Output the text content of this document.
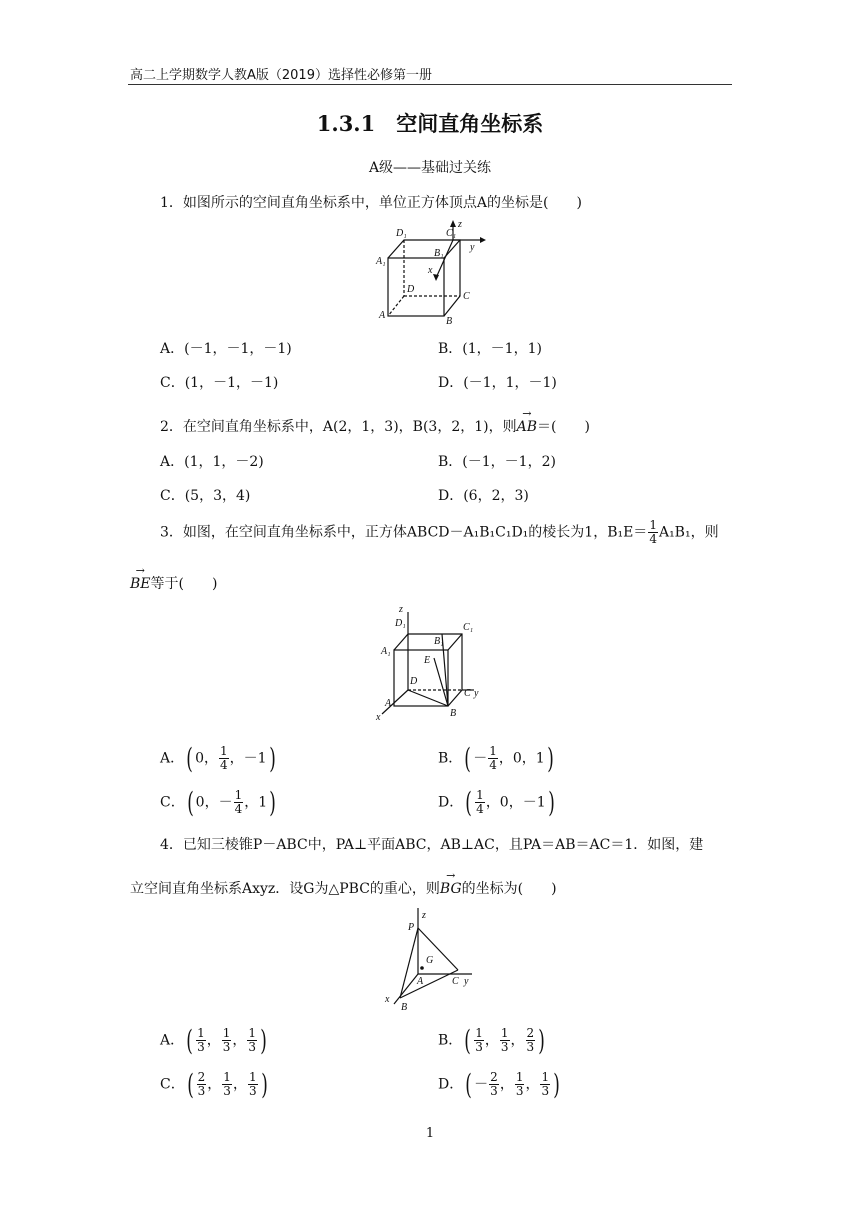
高二上学期数学人教A版（2019）选择性必修第一册
1.3.1　空间直角坐标系
A级——基础过关练
1．如图所示的空间直角坐标系中，单位正方体顶点A的坐标是(　　)
D₁	C₁
B₁
A₁
D
C
A
B
x
y
z
A．(－1，－1，－1)	B．(1，－1，1)
C．(1，－1，－1)	D．(－1，1，－1)
2．在空间直角坐标系中，A(2，1，3)，B(3，2，1)，则→ AB＝(　　)
A．(1，1，－2)	B．(－1，－1，2)
C．(5，3，4)	D．(6，2，3)
3．如图，在空间直角坐标系中，正方体ABCD－A₁B₁C₁D₁的棱长为1，$B_1E= \frac{1}{4} A_1B_1$，则
→ BE等于(　　)
z
D₁	C₁
B₁
A₁
E
D
C y
A
B
x
A．( 0， $\frac{1}{4}$ ，－1)	B．( － $\frac{1}{4}$ ，0，1)
C．( 0，－ $\frac{1}{4}$ ，1)	D．( $\frac{1}{4}$ ，0，－1)
4．已知三棱锥P－ABC中，PA⊥平面ABC，AB⊥AC，且PA＝AB＝AC＝1．如图，建
立空间直角坐标系Axyz．设G为△PBC的重心，则→ BG的坐标为(　　)
z
P
G
A	C y
x
B
A．( $\frac{1}{3}$ ， $\frac{1}{3}$ ， $\frac{1}{3}$ )	B．( $\frac{1}{3}$ ， $\frac{1}{3}$ ， $\frac{2}{3}$ )
C．( $\frac{2}{3}$ ， $\frac{1}{3}$ ， $\frac{1}{3}$ )	D．( － $\frac{2}{3}$ ， $\frac{1}{3}$ ， $\frac{1}{3}$ )
1
